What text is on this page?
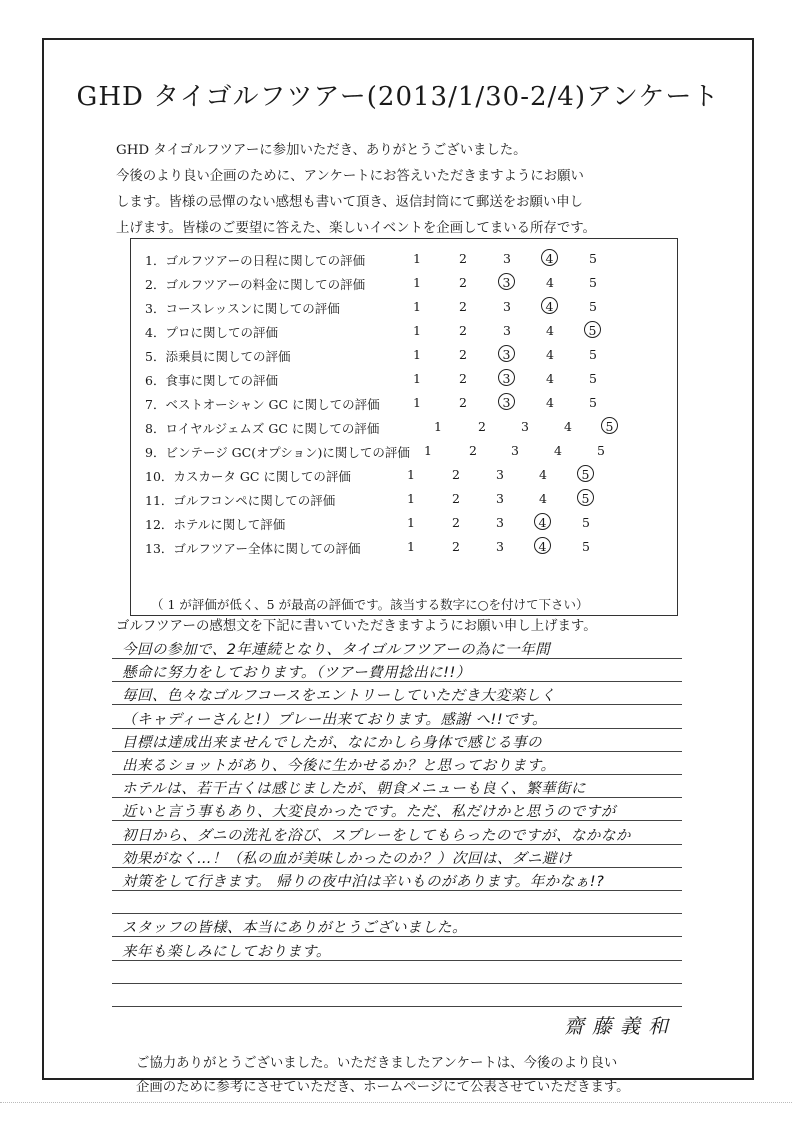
GHD タイゴルフツアー(2013/1/30-2/4)アンケート
GHD タイゴルフツアーに参加いただき、ありがとうございました。
今後のより良い企画のために、アンケートにお答えいただきますようにお願い
します。皆様の忌憚のない感想も書いて頂き、返信封筒にて郵送をお願い申し
上げます。皆様のご要望に答えた、楽しいイベントを企画してまいる所存です。
（ 1 が評価が低く、5 が最高の評価です。該当する数字に○を付けて下さい）
1．ゴルフツアーの日程に関しての評価	1	2	3	4	5
2．ゴルフツアーの料金に関しての評価	1	2	3	4	5
3．コースレッスンに関しての評価	1	2	3	4	5
4．プロに関しての評価	1	2	3	4	5
5．添乗員に関しての評価	1	2	3	4	5
6．食事に関しての評価	1	2	3	4	5
7．ベストオーシャン GC に関しての評価	1	2	3	4	5
8．ロイヤルジェムズ GC に関しての評価	1	2	3	4	5
9．ビンテージ GC(オプション)に関しての評価	1	2	3	4	5
10．カスカータ GC に関しての評価	1	2	3	4	5
11．ゴルフコンペに関しての評価	1	2	3	4	5
12．ホテルに関して評価	1	2	3	4	5
13．ゴルフツアー全体に関しての評価	1	2	3	4	5
ゴルフツアーの感想文を下記に書いていただきますようにお願い申し上げます。
今回の参加で、2年連続となり、タイゴルフツアーの為に一年間
懸命に努力をしております。（ツアー費用捻出に!!）
毎回、色々なゴルフコースをエントリーしていただき大変楽しく
（キャディーさんと!）プレー出来ております。感謝 へ!!です。
目標は達成出来ませんでしたが、なにかしら身体で感じる事の
出来るショットがあり、今後に生かせるか？と思っております。
ホテルは、若干古くは感じましたが、朝食メニューも良く、繁華街に
近いと言う事もあり、大変良かったです。ただ、私だけかと思うのですが
初日から、ダニの洗礼を浴び、スプレーをしてもらったのですが、なかなか
効果がなく…！（私の血が美味しかったのか？）次回は、ダニ避け
対策をして行きます。 帰りの夜中泊は辛いものがあります。年かなぁ!?
スタッフの皆様、本当にありがとうございました。
来年も楽しみにしております。
齋藤義和
ご協力ありがとうございました。いただきましたアンケートは、今後のより良い
企画のために参考にさせていただき、ホームページにて公表させていただきます。
